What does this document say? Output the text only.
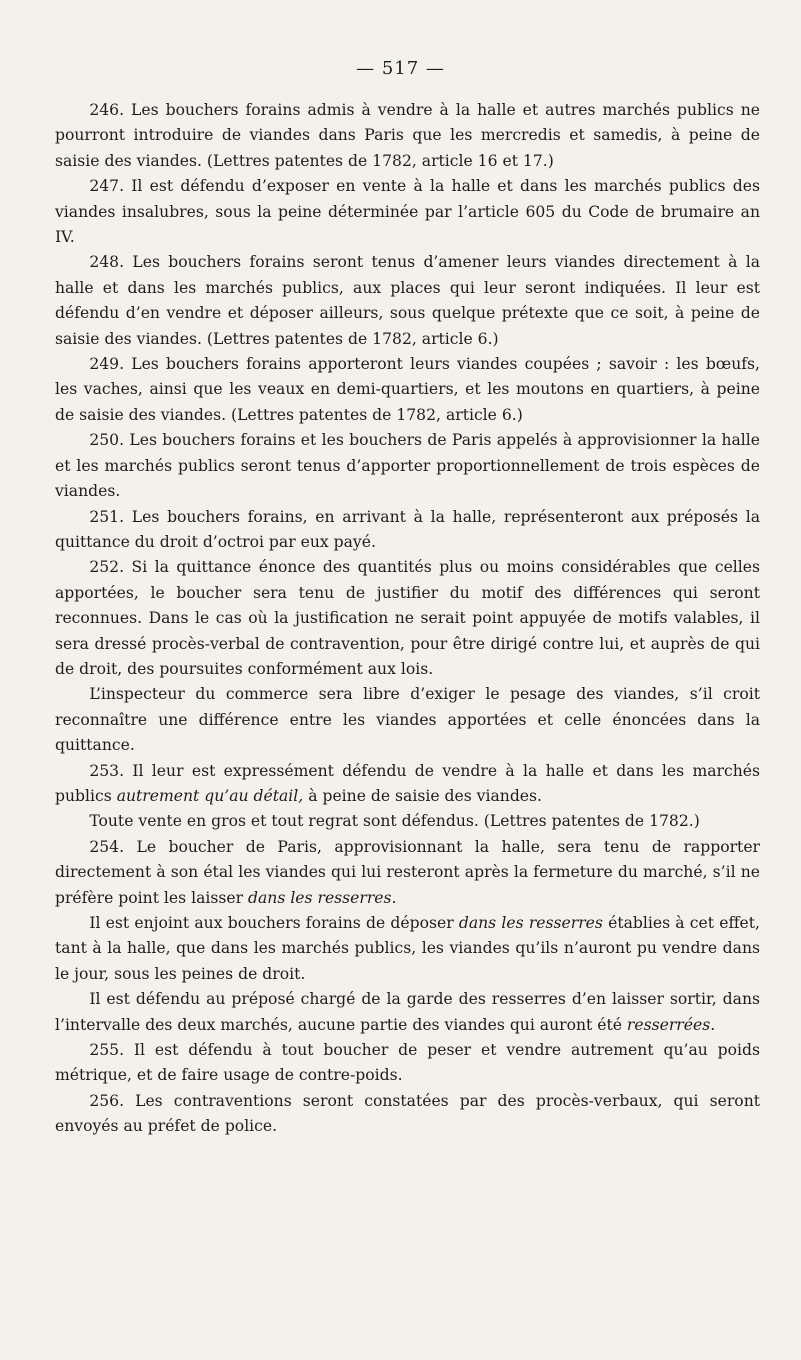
— 517 —

246. Les bouchers forains admis à vendre à la halle et autres marchés publics ne pourront introduire de viandes dans Paris que les mercredis et samedis, à peine de saisie des viandes. (Lettres patentes de 1782, article 16 et 17.)

247. Il est défendu d’exposer en vente à la halle et dans les marchés publics des viandes insalubres, sous la peine déterminée par l’article 605 du Code de brumaire an IV.

248. Les bouchers forains seront tenus d’amener leurs viandes directement à la halle et dans les marchés publics, aux places qui leur seront indiquées. Il leur est défendu d’en vendre et déposer ailleurs, sous quelque prétexte que ce soit, à peine de saisie des viandes. (Lettres patentes de 1782, article 6.)

249. Les bouchers forains apporteront leurs viandes coupées ; savoir : les bœufs, les vaches, ainsi que les veaux en demi-quartiers, et les moutons en quartiers, à peine de saisie des viandes. (Lettres patentes de 1782, article 6.)

250. Les bouchers forains et les bouchers de Paris appelés à approvisionner la halle et les marchés publics seront tenus d’apporter proportionnellement de trois espèces de viandes.

251. Les bouchers forains, en arrivant à la halle, représenteront aux préposés la quittance du droit d’octroi par eux payé.

252. Si la quittance énonce des quantités plus ou moins considérables que celles apportées, le boucher sera tenu de justifier du motif des différences qui seront reconnues. Dans le cas où la justification ne serait point appuyée de motifs valables, il sera dressé procès-verbal de contravention, pour être dirigé contre lui, et auprès de qui de droit, des poursuites conformément aux lois.

L’inspecteur du commerce sera libre d’exiger le pesage des viandes, s’il croit reconnaître une différence entre les viandes apportées et celle énoncées dans la quittance.

253. Il leur est expressément défendu de vendre à la halle et dans les marchés publics autrement qu’au détail, à peine de saisie des viandes.

Toute vente en gros et tout regrat sont défendus. (Lettres patentes de 1782.)

254. Le boucher de Paris, approvisionnant la halle, sera tenu de rapporter directement à son étal les viandes qui lui resteront après la fermeture du marché, s’il ne préfère point les laisser dans les resserres.

Il est enjoint aux bouchers forains de déposer dans les resserres établies à cet effet, tant à la halle, que dans les marchés publics, les viandes qu’ils n’auront pu vendre dans le jour, sous les peines de droit.

Il est défendu au préposé chargé de la garde des resserres d’en laisser sortir, dans l’intervalle des deux marchés, aucune partie des viandes qui auront été resserrées.

255. Il est défendu à tout boucher de peser et vendre autrement qu’au poids métrique, et de faire usage de contre-poids.

256. Les contraventions seront constatées par des procès-verbaux, qui seront envoyés au préfet de police.
